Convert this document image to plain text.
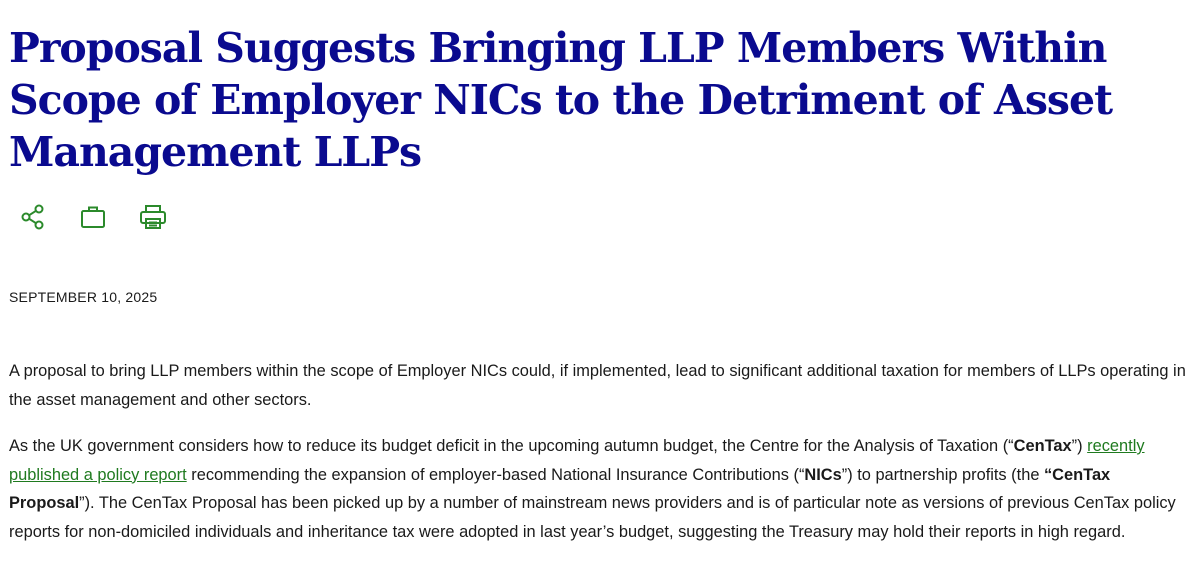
Proposal Suggests Bringing LLP Members Within Scope of Employer NICs to the Detriment of Asset Management LLPs
SEPTEMBER 10, 2025

A proposal to bring LLP members within the scope of Employer NICs could, if implemented, lead to significant additional taxation for members of LLPs operating in the asset management and other sectors.

As the UK government considers how to reduce its budget deficit in the upcoming autumn budget, the Centre for the Analysis of Taxation (“CenTax”) recently published a policy report recommending the expansion of employer-based National Insurance Contributions (“NICs”) to partnership profits (the “CenTax Proposal”). The CenTax Proposal has been picked up by a number of mainstream news providers and is of particular note as versions of previous CenTax policy reports for non-domiciled individuals and inheritance tax were adopted in last year’s budget, suggesting the Treasury may hold their reports in high regard.
